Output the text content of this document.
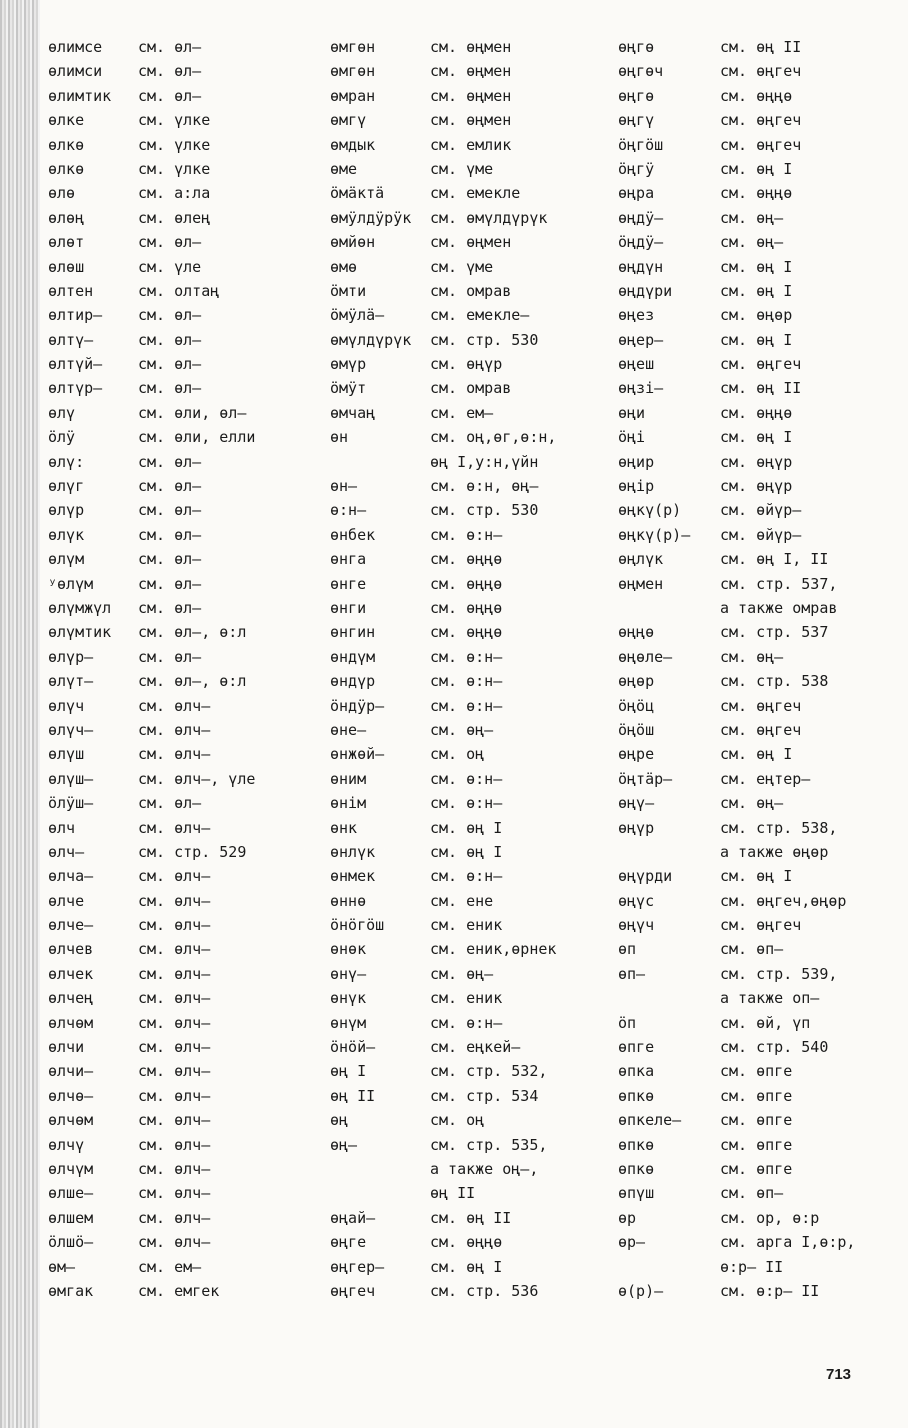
өлимсе см. өл–
өлимси см. өл–
өлимтик см. өл–
өлке	см. үлке
өлкө	см. үлке
өлкө	см. үлке
өлө	см. а:ла
өлөң	см. өлең
өлөт	см. өл–
өлөш	см. үле
өлтен	см. олтаң
өлтир– см. өл–
өлтү–	см. өл–
өлтүй– см. өл–
өлтүр– см. өл–
өлү	см. өли, өл–
öлӱ	см. өли, елли
өлү:	см. өл–
өлүг	см. өл–
өлүр	см. өл–
өлүк	см. өл–
өлүм	см. өл–
ʸөлүм	см. өл–
өлүмжүл см. өл–
өлүмтик см. өл–, ө:л
өлүр–	см. өл–
өлүт–	см. өл–, ө:л
өлүч	см. өлч–
өлүч–	см. өлч–
өлүш	см. өлч–
өлүш–	см. өлч–, үле
öлӱш–	см. өл–
өлч	см. өлч–
өлч–	см. стр. 529
өлча–	см. өлч–
өлче	см. өлч–
өлче–	см. өлч–
өлчев	см. өлч–
өлчек	см. өлч–
өлчең	см. өлч–
өлчөм	см. өлч–
өлчи	см. өлч–
өлчи–	см. өлч–
өлчө–	см. өлч–
өлчөм	см. өлч–
өлчү	см. өлч–
өлчүм	см. өлч–
өлше–	см. өлч–
өлшем	см. өлч–
öлшö–	см. өлч–
өм–	см. ем–
өмгак	см. емгек
өмгөн	см. өңмен
өмгөн	см. өңмен
өмран	см. өңмен
өмгү	см. өңмен
өмдык	см. емлик
өме	см. үме
öмäктä	см. емекле
өмӱлдӱрӱк см. өмүлдүрүк
өмйөн	см. өңмен
өмө	см. үме
öмти	см. омрав
öмӱлä–	см. емекле–
өмүлдүрүк см. стр. 530
өмүр	см. өңүр
öмӱт	см. омрав
өмчаң	см. ем–
өн	см. оң,өг,ө:н,
өң I,у:н,үйн
өн–	см. ө:н, өң–
ө:н–	см. стр. 530
өнбек	см. ө:н–
өнга	см. өңңө
өнге	см. өңңө
өнги	см. өңңө
өнгин	см. өңңө
өндүм	см. ө:н–
өндүр	см. ө:н–
öндӱр–	см. ө:н–
өне–	см. өң–
өнжөй–	см. оң
өним	см. ө:н–
өнім	см. ө:н–
өнк	см. өң I
өнлүк	см. өң I
өнмек	см. ө:н–
өннө	см. ене
öнöгöш	см. еник
өнөк	см. еник,өрнек
өнү–	см. өң–
өнүк	см. еник
өнүм	см. ө:н–
öнöй–	см. еңкей–
өң I	см. стр. 532,
өң II	см. стр. 534
өң	см. оң
өң–	см. стр. 535,
а также оң–,
өң II
өңай–	см. өң II
өңге	см. өңңө
өңгер–	см. өң I
өңгеч	см. стр. 536
өңгө	см. өң II
өңгөч	см. өңгеч
өңгө	см. өңңө
өңгү	см. өңгеч
öңгöш	см. өңгеч
öңгӱ	см. өң I
өңра	см. өңңө
өңдӱ–	см. өң–
öңдӱ–	см. өң–
өңдүн	см. өң I
өңдүри	см. өң I
өңез	см. өңөр
өңер–	см. өң I
өңеш	см. өңгеч
өңзі–	см. өң II
өңи	см. өңңө
öңі	см. өң I
өңир	см. өңүр
өңір	см. өңүр
өңкү(р)	см. өйүр–
өңкү(р)– см. өйүр–
өңлүк	см. өң I, II
өңмен	см. стр. 537,
а также омрав
өңңө	см. стр. 537
өңөле–	см. өң–
өңөр	см. стр. 538
öңöц	см. өңгеч
öңöш	см. өңгеч
өңре	см. өң I
öңтäр–	см. еңтер–
өңү–	см. өң–
өңүр	см. стр. 538,
а также өңөр
өңүрди	см. өң I
өңүс	см. өңгеч,өңөр
өңүч	см. өңгеч
өп	см. өп–
өп–	см. стр. 539,
а также оп–
öп	см. өй, үп
өпге	см. стр. 540
өпка	см. өпге
өпкө	см. өпге
өпкеле–	см. өпге
өпкө	см. өпге
өпкө	см. өпге
өпүш	см. өп–
өр	см. ор, ө:р
өр–	см. арга I,ө:р,
ө:р– II
ө(р)–	см. ө:р– II
713
